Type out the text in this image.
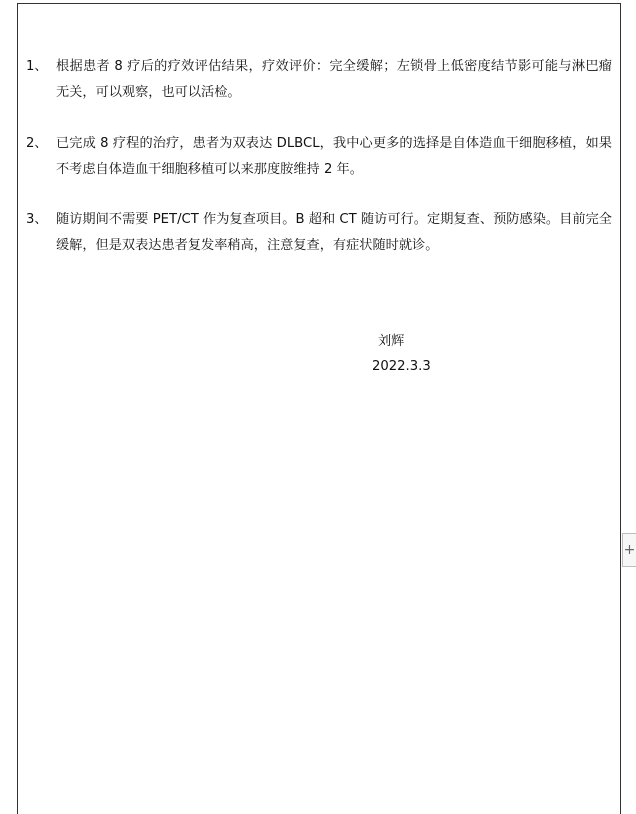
1、 根据患者 8 疗后的疗效评估结果，疗效评价：完全缓解；左锁骨上低密度结节影可能与淋巴瘤无关，可以观察，也可以活检。
2、 已完成 8 疗程的治疗，患者为双表达 DLBCL，我中心更多的选择是自体造血干细胞移植，如果不考虑自体造血干细胞移植可以来那度胺维持 2 年。
3、 随访期间不需要 PET/CT 作为复查项目。B 超和 CT 随访可行。定期复查、预防感染。目前完全缓解，但是双表达患者复发率稍高，注意复查，有症状随时就诊。
刘辉
2022.3.3
+
